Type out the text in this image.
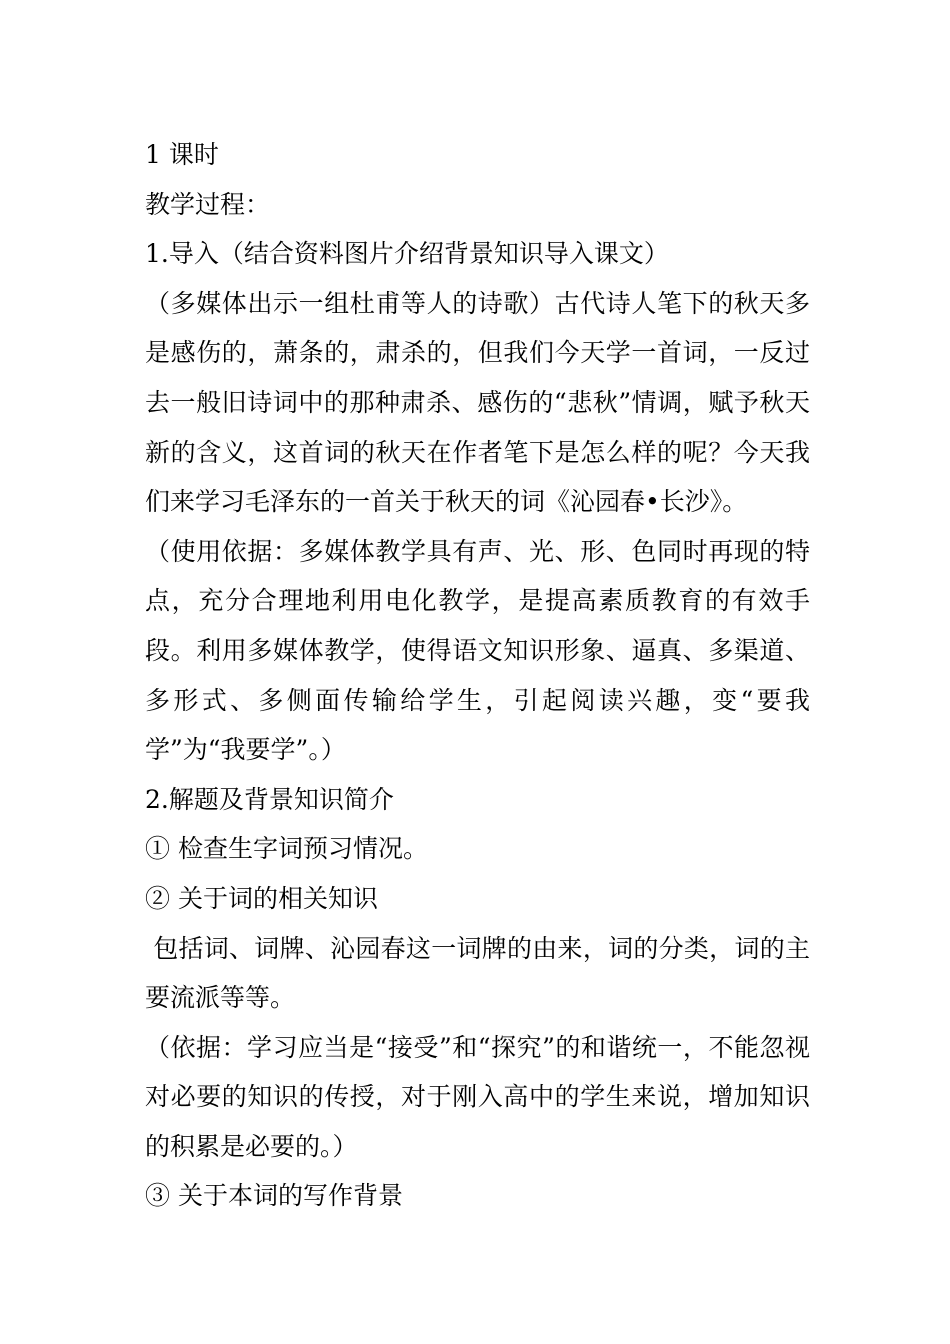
1 课时

教学过程：

1.导入（结合资料图片介绍背景知识导入课文）

（多媒体出示一组杜甫等人的诗歌）古代诗人笔下的秋天多是感伤的，萧条的，肃杀的，但我们今天学一首词，一反过去一般旧诗词中的那种肃杀、感伤的“悲秋”情调，赋予秋天新的含义，这首词的秋天在作者笔下是怎么样的呢？今天我们来学习毛泽东的一首关于秋天的词《沁园春•长沙》。

（使用依据：多媒体教学具有声、光、形、色同时再现的特点，充分合理地利用电化教学，是提高素质教育的有效手段。利用多媒体教学，使得语文知识形象、逼真、多渠道、多形式、多侧面传输给学生，引起阅读兴趣，变“要我学”为“我要学”。）

2.解题及背景知识简介

① 检查生字词预习情况。

② 关于词的相关知识

包括词、词牌、沁园春这一词牌的由来，词的分类，词的主要流派等等。

（依据：学习应当是“接受”和“探究”的和谐统一，不能忽视对必要的知识的传授，对于刚入高中的学生来说，增加知识的积累是必要的。）

③ 关于本词的写作背景
